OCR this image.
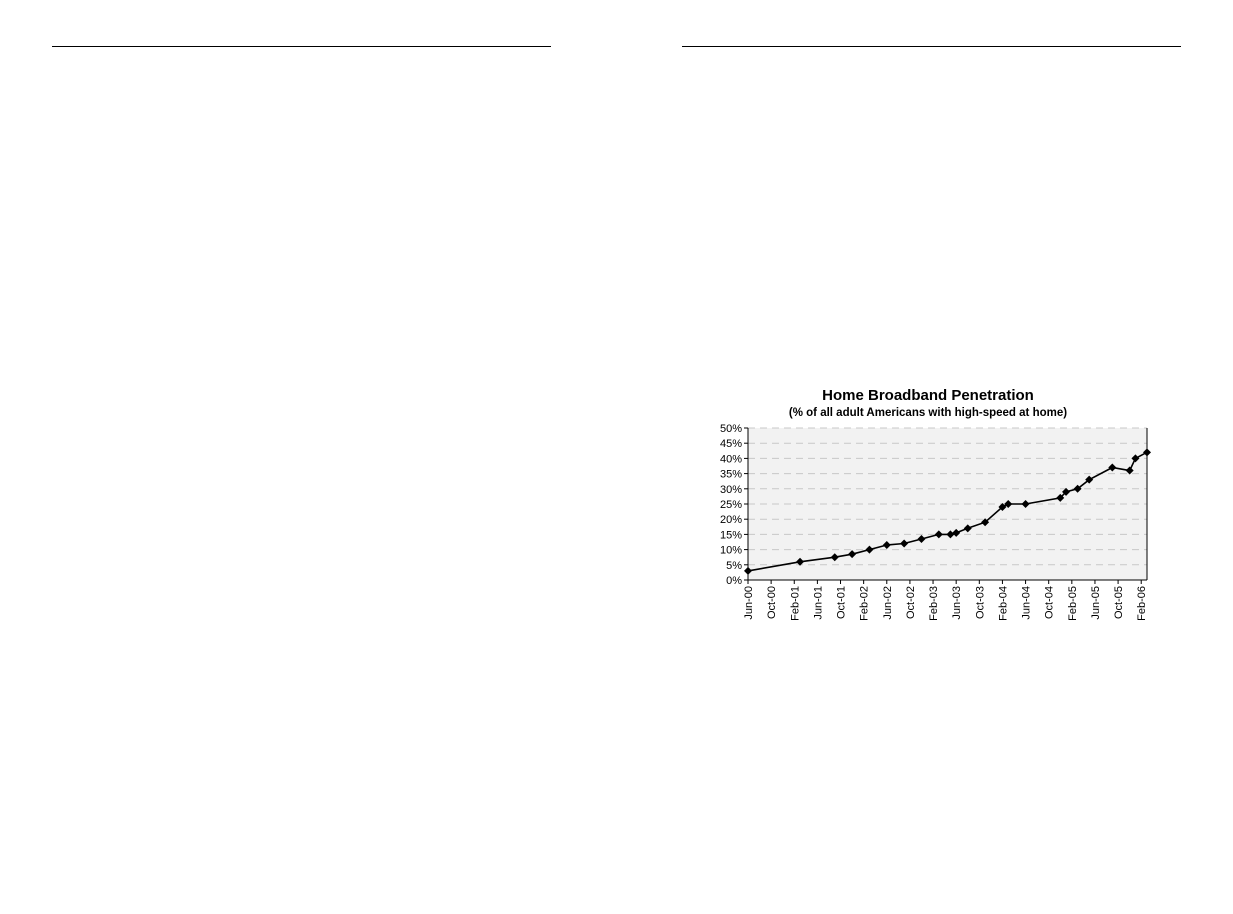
Home Broadband Penetration
(% of all adult Americans with high-speed at home)
0%
5%
10%
15%
20%
25%
30%
35%
40%
45%
50%
Jun-00 Oct-00 Feb-01 Jun-01 Oct-01 Feb-02 Jun-02 Oct-02 Feb-03 Jun-03 Oct-03 Feb-04 Jun-04 Oct-04 Feb-05 Jun-05 Oct-05 Feb-06
